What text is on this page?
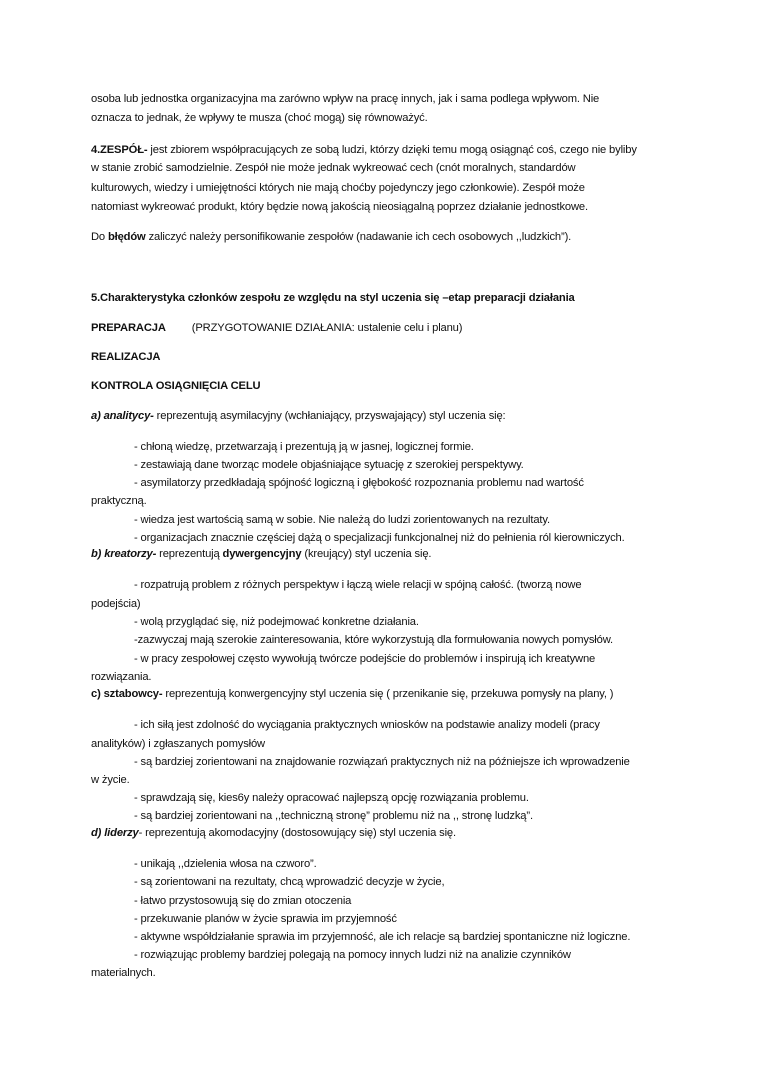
osoba lub jednostka organizacyjna ma zarówno wpływ na pracę innych, jak i sama podlega wpływom. Nie
oznacza to jednak, że wpływy te musza (choć mogą) się równoważyć.
4.ZESPÓŁ- jest zbiorem współpracujących ze sobą ludzi, którzy dzięki temu mogą osiągnąć coś, czego nie byliby
w stanie zrobić samodzielnie. Zespół nie może jednak wykreować cech (cnót moralnych, standardów
kulturowych, wiedzy i umiejętności których nie mają choćby pojedynczy jego członkowie). Zespół może
natomiast wykreować produkt, który będzie nową jakością nieosiągalną poprzez działanie jednostkowe.
Do błędów zaliczyć należy personifikowanie zespołów (nadawanie ich cech osobowych ,,ludzkich”).
5.Charakterystyka członków zespołu ze względu na styl uczenia się –etap preparacji działania
PREPARACJA (PRZYGOTOWANIE DZIAŁANIA: ustalenie celu i planu)
REALIZACJA
KONTROLA OSIĄGNIĘCIA CELU
a) analitycy- reprezentują asymilacyjny (wchłaniający, przyswajający) styl uczenia się:
- chłoną wiedzę, przetwarzają i prezentują ją w jasnej, logicznej formie.
- zestawiają dane tworząc modele objaśniające sytuację z szerokiej perspektywy.
- asymilatorzy przedkładają spójność logiczną i głębokość rozpoznania problemu nad wartość
praktyczną.
- wiedza jest wartością samą w sobie. Nie należą do ludzi zorientowanych na rezultaty.
- organizacjach znacznie częściej dążą o specjalizacji funkcjonalnej niż do pełnienia ról kierowniczych.
b) kreatorzy- reprezentują dywergencyjny (kreujący) styl uczenia się.
- rozpatrują problem z różnych perspektyw i łączą wiele relacji w spójną całość. (tworzą nowe
podejścia)
- wolą przyglądać się, niż podejmować konkretne działania.
-zazwyczaj mają szerokie zainteresowania, które wykorzystują dla formułowania nowych pomysłów.
- w pracy zespołowej często wywołują twórcze podejście do problemów i inspirują ich kreatywne
rozwiązania.
c) sztabowcy- reprezentują konwergencyjny styl uczenia się ( przenikanie się, przekuwa pomysły na plany, )
- ich siłą jest zdolność do wyciągania praktycznych wniosków na podstawie analizy modeli (pracy
analityków) i zgłaszanych pomysłów
- są bardziej zorientowani na znajdowanie rozwiązań praktycznych niż na późniejsze ich wprowadzenie
w życie.
- sprawdzają się, kies6y należy opracować najlepszą opcję rozwiązania problemu.
- są bardziej zorientowani na ,,techniczną stronę” problemu niż na ,, stronę ludzką”.
d) liderzy- reprezentują akomodacyjny (dostosowujący się) styl uczenia się.
- unikają ,,dzielenia włosa na czworo”.
- są zorientowani na rezultaty, chcą wprowadzić decyzje w życie,
- łatwo przystosowują się do zmian otoczenia
- przekuwanie planów w życie sprawia im przyjemność
- aktywne współdziałanie sprawia im przyjemność, ale ich relacje są bardziej spontaniczne niż logiczne.
- rozwiązując problemy bardziej polegają na pomocy innych ludzi niż na analizie czynników
materialnych.
